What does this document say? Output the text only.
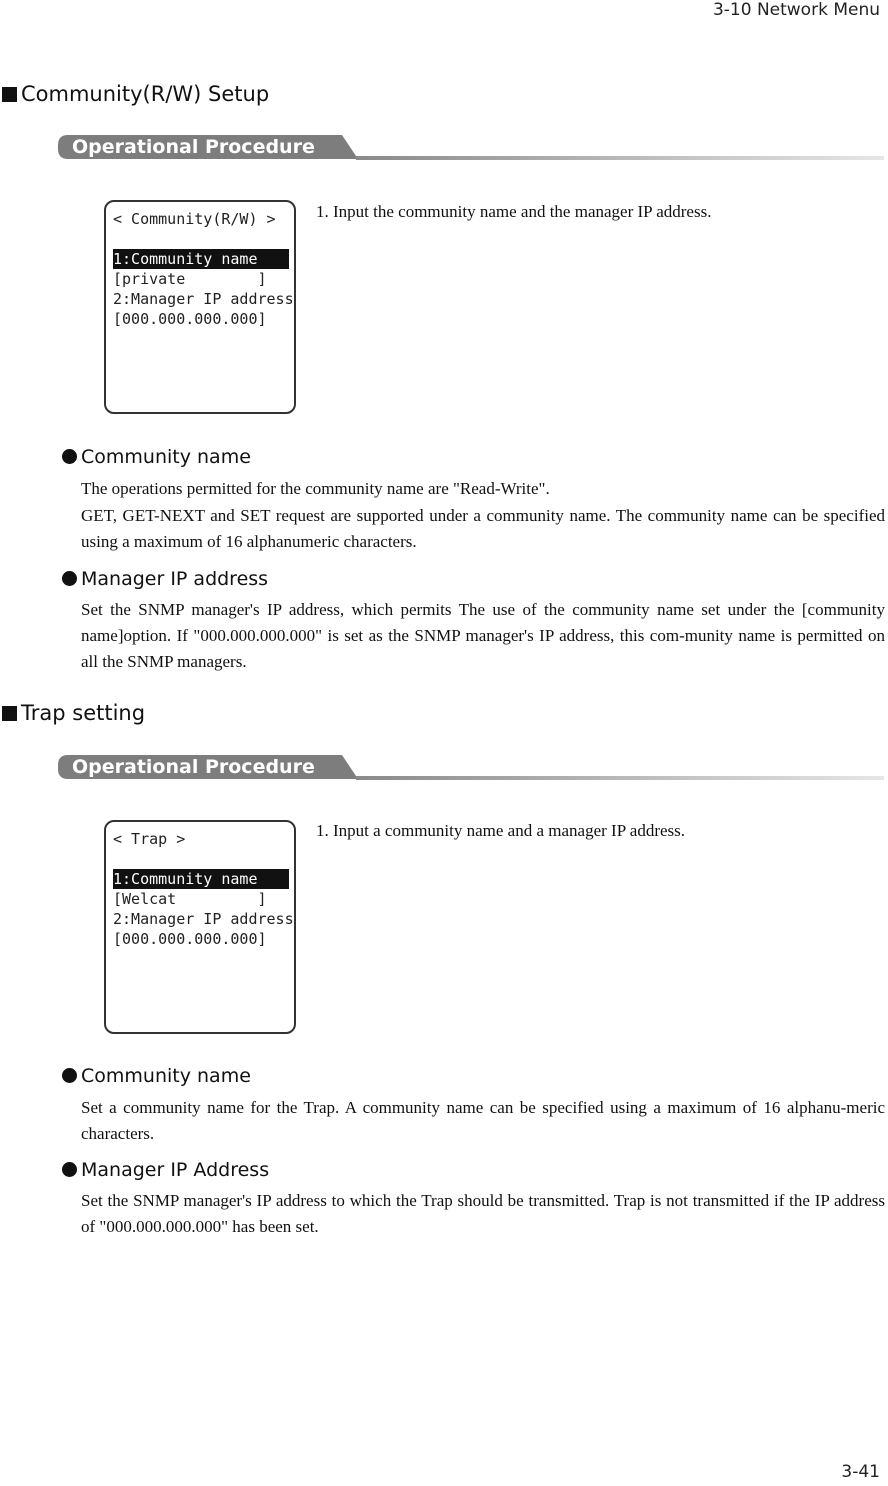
3-10 Network Menu
Community(R/W) Setup
Operational Procedure
< Community(R/W) >
1:Community name
[private        ]
2:Manager IP address
[000.000.000.000]
1. Input the community name and the manager IP address.
Community name
The operations permitted for the community name are "Read-Write".
GET, GET-NEXT and SET request are supported under a community name. The community name can be specified using a maximum of 16 alphanumeric characters.
Manager IP address
Set the SNMP manager's IP address, which permits The use of the community name set under the [community name]option. If "000.000.000.000" is set as the SNMP manager's IP address, this com-munity name is permitted on all the SNMP managers.
Trap setting
Operational Procedure
< Trap >
1:Community name
[Welcat         ]
2:Manager IP address
[000.000.000.000]
1. Input a community name and a manager IP address.
Community name
Set a community name for the Trap. A community name can be specified using a maximum of 16 alphanu-meric characters.
Manager IP Address
Set the SNMP manager's IP address to which the Trap should be transmitted. Trap is not transmitted if the IP address of "000.000.000.000" has been set.
3-41
